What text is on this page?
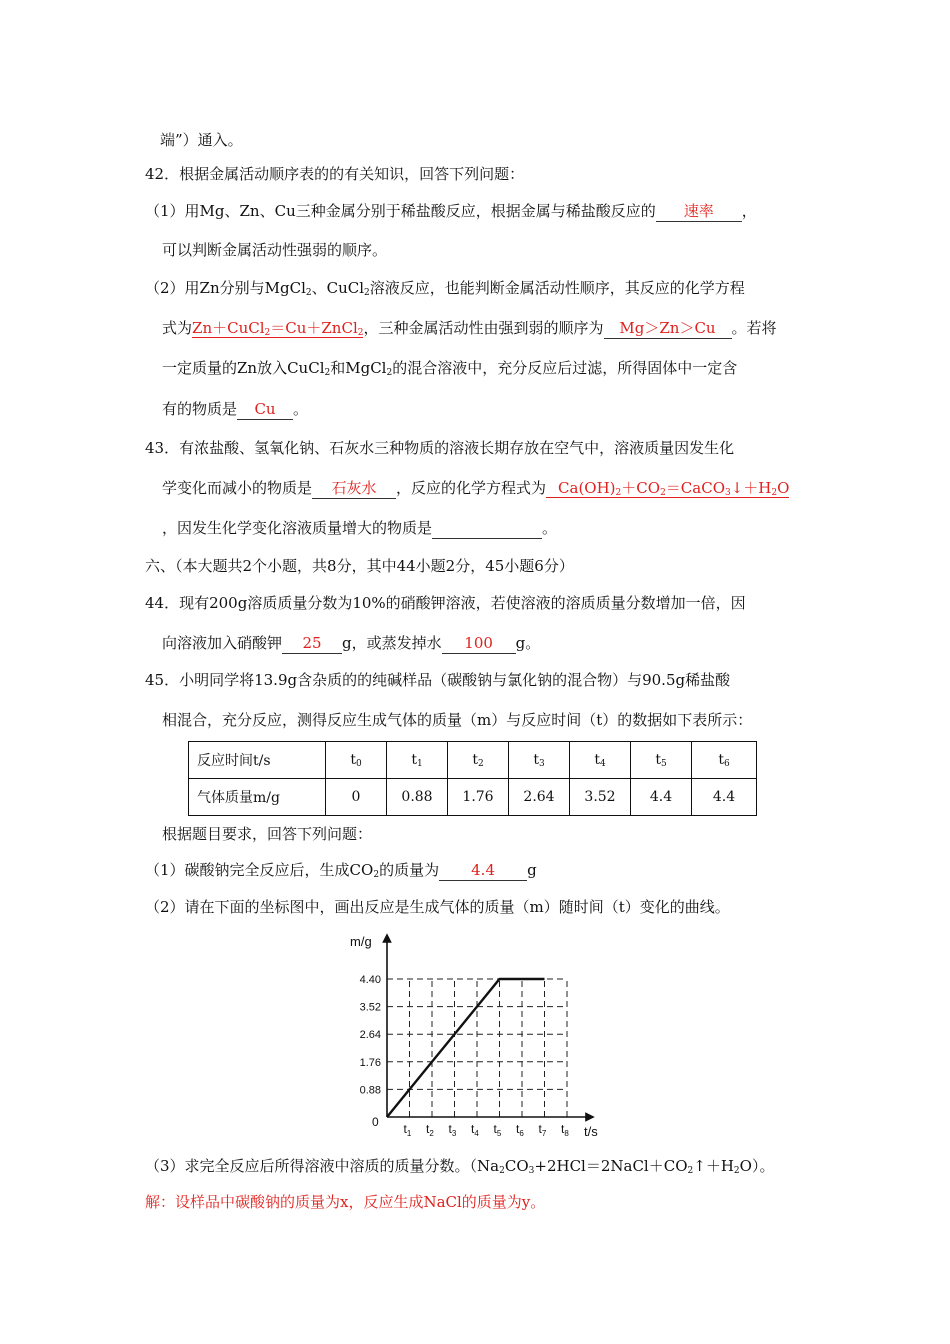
端”）通入。
42．根据金属活动顺序表的的有关知识，回答下列问题：
（1）用Mg、Zn、Cu三种金属分别于稀盐酸反应，根据金属与稀盐酸反应的 速率 ，
可以判断金属活动性强弱的顺序。
（2）用Zn分别与MgCl$_2$、CuCl$_2$溶液反应，也能判断金属活动性顺序，其反应的化学方程
式为Zn＋CuCl$_2$＝Cu＋ZnCl$_2$，三种金属活动性由强到弱的顺序为 Mg＞Zn＞Cu 。若将
一定质量的Zn放入CuCl$_2$和MgCl$_2$的混合溶液中，充分反应后过滤，所得固体中一定含
有的物质是 Cu 。
43．有浓盐酸、氢氧化钠、石灰水三种物质的溶液长期存放在空气中，溶液质量因发生化
学变化而减小的物质是 石灰水 ，反应的化学方程式为 $Ca(OH)_2+CO_2=CaCO_3↓+H_2O$
，因发生化学变化溶液质量增大的物质是	。
六、（本大题共2个小题，共8分，其中44小题2分，45小题6分）
44．现有200g溶质质量分数为10%的硝酸钾溶液，若使溶液的溶质质量分数增加一倍，因
向溶液加入硝酸钾 25 g，或蒸发掉水 100 g。
45．小明同学将13.9g含杂质的的纯碱样品（碳酸钠与氯化钠的混合物）与90.5g稀盐酸
相混合，充分反应，测得反应生成气体的质量（m）与反应时间（t）的数据如下表所示：
反应时间t/s	$t_0$	$t_1$	$t_2$	$t_3$	$t_4$	$t_5$	$t_6$
气体质量m/g	0	0.88	1.76	2.64	3.52	4.4	4.4
根据题目要求，回答下列问题：
（1）碳酸钠完全反应后，生成$CO_2$的质量为 4.4 g
（2）请在下面的坐标图中，画出反应是生成气体的质量（m）随时间（t）变化的曲线。
m/g
t/s
0
0.88
1.76
2.64
3.52
4.40
$t_1$ $t_2$ $t_3$ $t_4$ $t_5$ $t_6$ $t_7$ $t_8$
（3）求完全反应后所得溶液中溶质的质量分数。$(Na_2CO_3+2HCl=2NaCl+CO_2↑+H_2O)$。
解：设样品中碳酸钠的质量为x，反应生成NaCl的质量为y。
